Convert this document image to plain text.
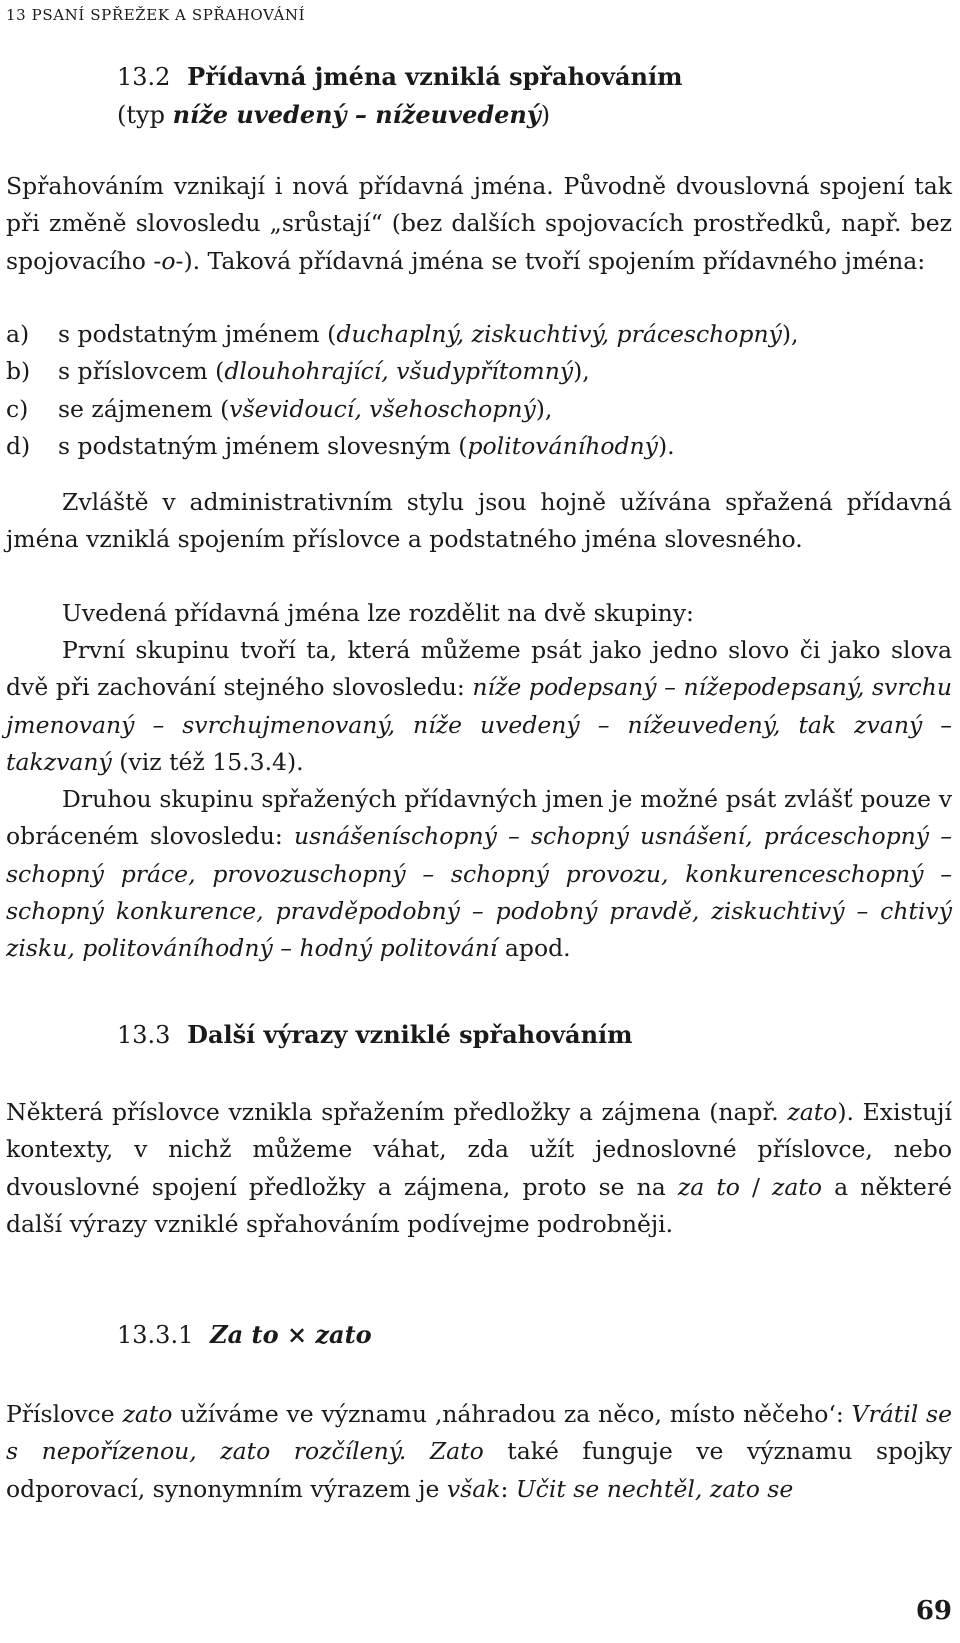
13 PSANÍ SPŘEŽEK A SPŘAHOVÁNÍ
13.2 Přídavná jména vzniklá spřahováním
(typ níže uvedený – nížeuvedený)

Spřahováním vznikají i nová přídavná jména. Původně dvouslovná spojení tak při změně slovosledu „srůstají“ (bez dalších spojovacích prostředků, např. bez spojovacího -o-). Taková přídavná jména se tvoří spojením přídavného jména:

a)	s podstatným jménem (duchaplný, ziskuchtivý, práceschopný),
b)	s příslovcem (dlouhohrající, všudypřítomný),
c)	se zájmenem (vševidoucí, všehoschopný),
d)	s podstatným jménem slovesným (politováníhodný).

Zvláště v administrativním stylu jsou hojně užívána spřažená přídavná jména vzniklá spojením příslovce a podstatného jména slovesného.

Uvedená přídavná jména lze rozdělit na dvě skupiny:

První skupinu tvoří ta, která můžeme psát jako jedno slovo či jako slova dvě při zachování stejného slovosledu: níže podepsaný – nížepodepsaný, svrchu jmenovaný – svrchujmenovaný, níže uvedený – nížeuvedený, tak zvaný – takzvaný (viz též 15.3.4).

Druhou skupinu spřažených přídavných jmen je možné psát zvlášť pouze v obráceném slovosledu: usnášeníschopný – schopný usnášení, práceschopný – schopný práce, provozuschopný – schopný provozu, konkurenceschopný – schopný konkurence, pravděpodobný – podobný pravdě, ziskuchtivý – chtivý zisku, politováníhodný – hodný politování apod.

13.3 Další výrazy vzniklé spřahováním

Některá příslovce vznikla spřažením předložky a zájmena (např. zato). Existují kontexty, v nichž můžeme váhat, zda užít jednoslovné příslovce, nebo dvouslovné spojení předložky a zájmena, proto se na za to / zato a některé další výrazy vzniklé spřahováním podívejme podrobněji.

13.3.1 Za to × zato

Příslovce zato užíváme ve významu ‚náhradou za něco, místo něčeho‘: Vrátil se s nepořízenou, zato rozčílený. Zato také funguje ve významu spojky odporovací, synonymním výrazem je však: Učit se nechtěl, zato se

69
